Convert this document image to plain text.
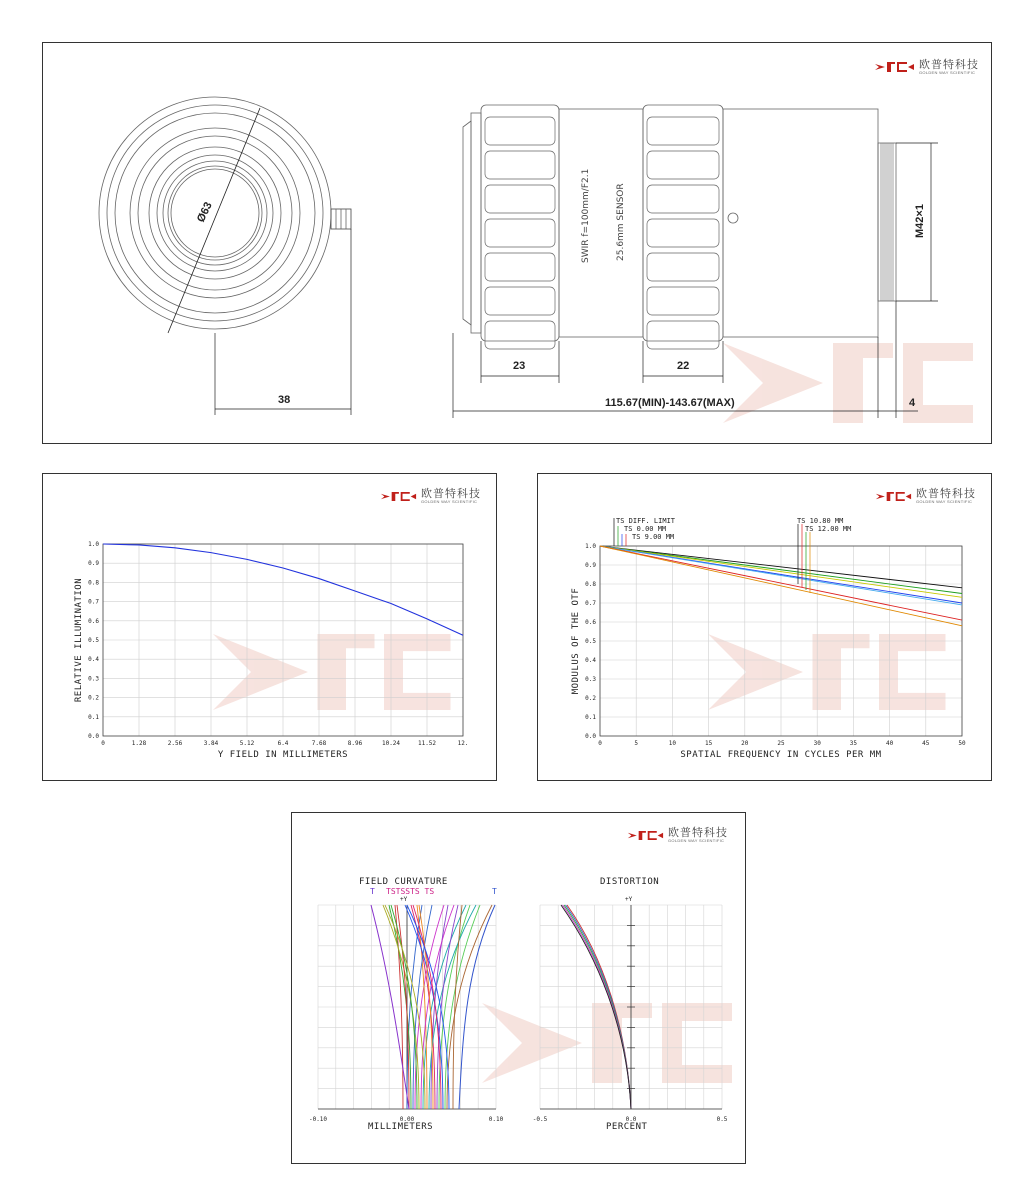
欧普特科技
GOLDEN WAY SCIENTIFIC
Ø63
38
SWIR f=100mm/F2.1	25.6mm SENSOR
23	22
115.67(MIN)-143.67(MAX)	4
M42×1
欧普特科技
GOLDEN WAY SCIENTIFIC
0	1.28	2.56	3.84	5.12	6.4	7.68	8.96	10.24	11.52	12.
1.0
0.9
0.8
0.7
0.6
0.5
0.4
0.3
0.2
0.1
0.0
Y FIELD IN MILLIMETERS
RELATIVE ILLUMINATION
欧普特科技
GOLDEN WAY SCIENTIFIC
TS DIFF. LIMIT
TS 0.00 MM
TS 9.00 MM
TS 10.80 MM
TS 12.00 MM
0	5	10	15	20	25	30	35	40	45	50
1.0
0.9
0.8
0.7
0.6
0.5
0.4
0.3
0.2
0.1
0.0
SPATIAL FREQUENCY IN CYCLES PER MM
MODULUS OF THE OTF
欧普特科技
GOLDEN WAY SCIENTIFIC
FIELD CURVATURE
+Y
T TSTSSTS TS	T
MILLIMETERS
DISTORTION
+Y
PERCENT
-0.10	0.00	0.10	-0.5	0.0	0.5
